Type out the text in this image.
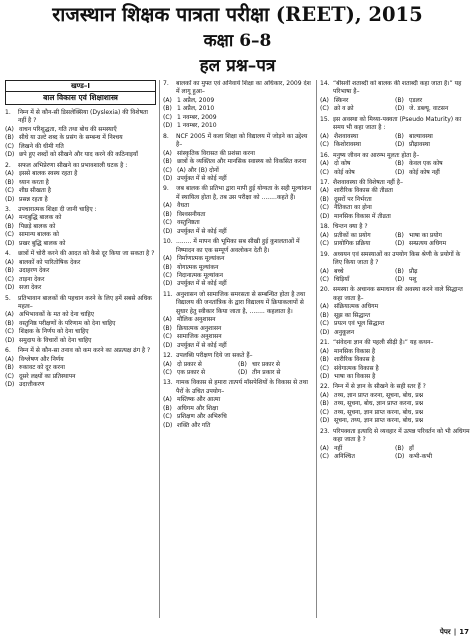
राजस्थान शिक्षक पात्रता परीक्षा (REET), 2015
कक्षा 6–8
हल प्रश्न–पत्र
खण्ड–I
बाल विकास एवं शिक्षाशास्त्र
1.	निम्न में से कौन-सी डिसलेक्सिया (Dyslexia) की विशेषता नहीं है ?
(A) वाचन परिशुद्धता, गति तथा बोध की समस्याएँ
(B) सीधे या उल्टे शब्द के प्रसंग के सम्बन्ध में निश्चय
(C) लिखने की धीमी गति
(D) छपे हुए शब्दों को सीखने और याद करने की कठिनाइयाँ
2.	सफल अभिप्रेरणा सीखने का प्रभावशाली घटक है :
(A) इससे बालक स्वस्थ रहता है
(B) ध्यान करता है
(C) शीघ्र सीखता है
(D) प्रसन्न रहता है
3.	उपचारात्मक शिक्षा दी जानी चाहिए :
(A) मन्दबुद्धि बालक को
(B) पिछड़े बालक को
(C) सामान्य बालक को
(D) प्रखर बुद्धि बालक को
4.	छात्रों में चोरी करने की आदत को कैसे दूर किया जा सकता है ?
(A) बालकों को पारितोषिक देकर
(B) उदाहरण देकर
(C) ताड़ना देकर
(D) सजा देकर
5.	प्रतिभावान बालकों की पहचान करने के लिए हमें सबसे अधिक महत्व–
(A) अभिभावकों के मत को देना चाहिए
(B) वस्तुनिष्ठ परीक्षणों के परिणाम को देना चाहिए
(C) शिक्षक के निर्णय को देना चाहिए
(D) समुदाय के विचारों को देना चाहिए
6.	निम्न में से कौन-सा तनाव को कम करने का अप्रत्यक्ष ढंग है ?
(A) विश्लेषण और निर्णय
(B) रुकावट को दूर करना
(C) दूसरे लक्ष्यों का प्रतिस्थापन
(D) उदात्तीकरण
7.	बालकों का मुफ्त एवं अनिवार्य शिक्षा का अधिकार, 2009 देश में लागू हुआ–
(A) 1 अप्रैल, 2009
(B) 1 अप्रैल, 2010
(C) 1 नवम्बर, 2009
(D) 1 नवम्बर, 2010
8.	NCF 2005 में कला शिक्षा को विद्यालय में जोड़ने का उद्देश्य है–
(A) सांस्कृतिक विरासत की प्रशंसा करना
(B) छात्रों के व्यक्तित्व और मानसिक स्वास्थ्य को विकसित करना
(C) (A) और (B) दोनों
(D) उपर्युक्त में से कोई नहीं
9.	जब बालक की प्रतिभा द्वारा मापी हुई योग्यता के सही मूल्यांकन में स्थायित्व होता है, तब उस परीक्षा को ........कहते हैं।
(A) वैधता
(B) विश्वसनीयता
(C) वस्तुनिष्ठता
(D) उपर्युक्त में से कोई नहीं
10. ........ में मापन की भूमिका सब सीखी हुई कुशलताओं में निष्पादन का एक सम्पूर्ण अवलोकन देती है।
(A) निर्माणात्मक मूल्यांकन
(B) योगात्मक मूल्यांकन
(C) निदानात्मक मूल्यांकन
(D) उपर्युक्त में से कोई नहीं
11. अनुशासन जो सामाजिक समरसता से सम्बन्धित होता है तथा विद्यालय की जनतांत्रिक के द्वारा विद्यालय में क्रियाकलापों से सुधार हेतु स्वीकार किया जाता है, ........ कहलाता है।
(A) मौलिक अनुशासन
(B) क्रियात्मक अनुशासन
(C) सामाजिक अनुशासन
(D) उपर्युक्त में से कोई नहीं
12. उपलब्धि परीक्षण दिये जा सकते हैं–
(A) दो प्रकार से	(B) चार प्रकार से
(C) एक प्रकार से	(D) तीन प्रकार से
13. गामक विकास से हमारा तात्पर्य मॉसपेशियों के विकास से तथा पैरों के उचित उपयोग–
(A) मस्तिष्क और आत्मा
(B) अधिगम और शिक्षा
(C) प्रशिक्षण और अभिरुचि
(D) शक्ति और गति
14. “बीसवीं शताब्दी को बालक की शताब्दी कहा जाता है।” यह परिभाषा है–
(A) स्किनर	(B) एडलर
(C) क्रो व क्रो	(D) जे. डब्ल्यू. वाटसन
15. इस अवस्था को मिथ्या-पक्वता (Pseudo Maturity) का समय भी कहा जाता है :
(A) शैशवावस्था	(B) बाल्यावस्था
(C) किशोरावस्था	(D) प्रौढ़ावस्था
16. मनुष्य जीवन का आरम्भ मूलतः होता है–
(A) दो कोष	(B) केवल एक कोष
(C) कोई कोष	(D) कोई कोष नहीं
17. शैशवावस्था की विशेषता नहीं है–
(A) शारीरिक विकास की तीव्रता
(B) दूसरों पर निर्भरता
(C) नैतिकता का होना
(D) मानसिक विकास में तीव्रता
18. चिन्तन क्या है ?
(A) प्रतीकों का प्रयोग	(B) भाषा का प्रयोग
(C) प्रायोगिक प्रक्रिया	(D) सम्प्रत्यय अधिगम
19. अध्ययन एवं समस्याओं का उपयोग किस श्रेणी के प्रयोगों के लिए किया जाता है ?
(A) बच्चे	(B) प्रौढ़
(C) चिड़ियाँ	(D) पशु
20. समस्या के अचानक समाधान की अवस्था करने वाले सिद्धान्त कहा जाता है–
(A) संक्रियात्मक अधिगम
(B) सूझ का सिद्धान्त
(C) प्रयत्न एवं भूल सिद्धान्त
(D) अनुकूलन
21. “संवेदना ज्ञान की पहली सीढ़ी है।” यह कथन–
(A) मानसिक विकास है
(B) शारीरिक विकास है
(C) संवेगात्मक विकास है
(D) भाषा का विकास है
22. निम्न में से ज्ञान के सीखने के सही स्तर हैं ?
(A) तथ्य, ज्ञान प्राप्त करना, सूचना, बोध, प्रश्न
(B) तथ्य, सूचना, बोध, ज्ञान प्राप्त करना, प्रश्न
(C) तथ्य, सूचना, ज्ञान प्राप्त करना, बोध, प्रश्न
(D) सूचना, तथ्य, ज्ञान प्राप्त करना, बोध, प्रश्न
23. परिपक्वता इत्यादि से व्यवहार में उत्पन्न परिवर्तन को भी अधिगम कहा जाता है ?
(A) नहीं	(B) हाँ
(C) अनिश्चित	(D) कभी-कभी
पेपर | 17
